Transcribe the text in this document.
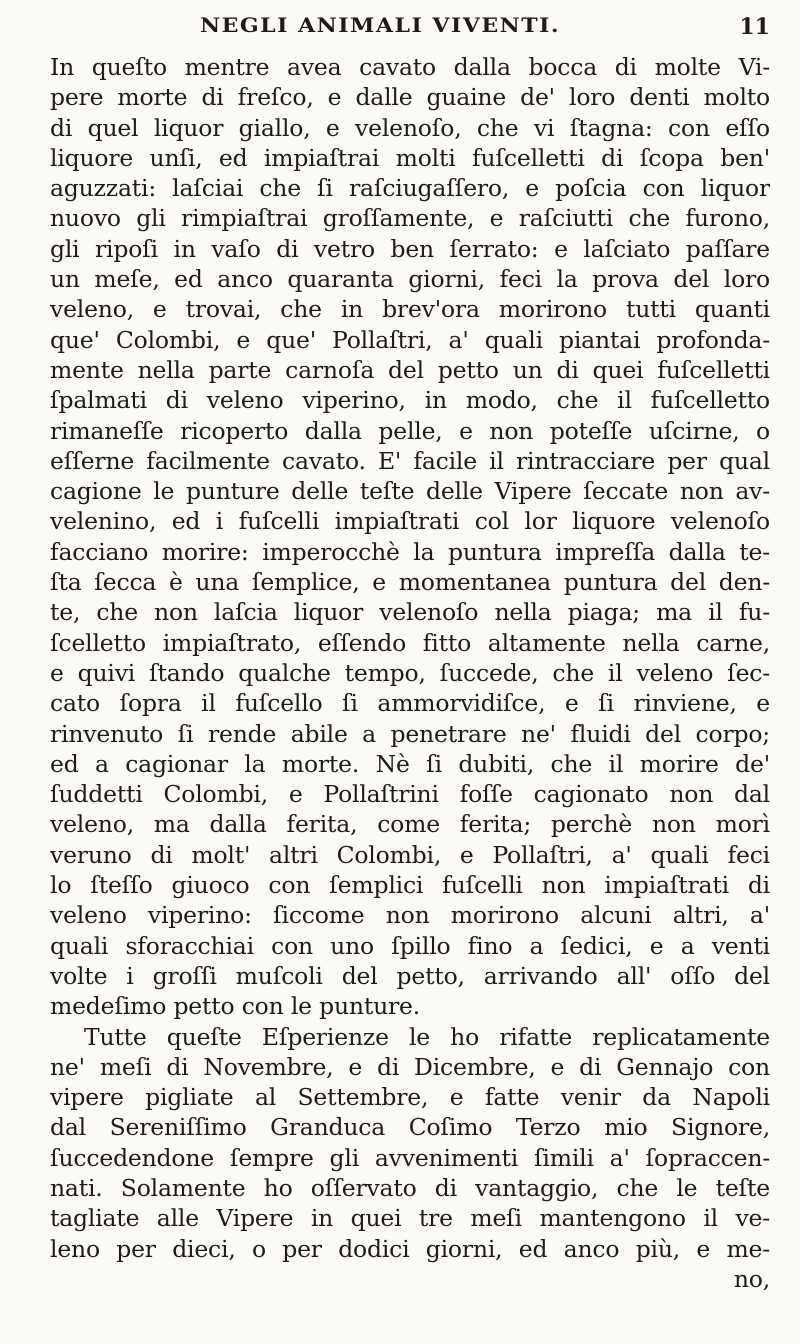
NEGLI ANIMALI VIVENTI.	11
In queſto mentre avea cavato dalla bocca di molte Vi-
pere morte di freſco, e dalle guaine de' loro denti molto
di quel liquor giallo, e velenoſo, che vi ſtagna: con eſſo
liquore unſi, ed impiaſtrai molti fuſcelletti di ſcopa ben'
aguzzati: laſciai che ſi raſciugaſſero, e poſcia con liquor
nuovo gli rimpiaſtrai groſſamente, e raſciutti che furono,
gli ripoſi in vaſo di vetro ben ſerrato: e laſciato paſſare
un meſe, ed anco quaranta giorni, feci la prova del loro
veleno, e trovai, che in brev'ora morirono tutti quanti
que' Colombi, e que' Pollaſtri, a' quali piantai profonda-
mente nella parte carnoſa del petto un di quei fuſcelletti
ſpalmati di veleno viperino, in modo, che il fuſcelletto
rimaneſſe ricoperto dalla pelle, e non poteſſe uſcirne, o
eſſerne facilmente cavato. E' facile il rintracciare per qual
cagione le punture delle teſte delle Vipere ſeccate non av-
velenino, ed i fuſcelli impiaſtrati col lor liquore velenoſo
facciano morire: imperocchè la puntura impreſſa dalla te-
ſta ſecca è una ſemplice, e momentanea puntura del den-
te, che non laſcia liquor velenoſo nella piaga; ma il fu-
ſcelletto impiaſtrato, eſſendo fitto altamente nella carne,
e quivi ſtando qualche tempo, ſuccede, che il veleno ſec-
cato ſopra il fuſcello ſi ammorvidiſce, e ſi rinviene, e
rinvenuto ſi rende abile a penetrare ne' fluidi del corpo;
ed a cagionar la morte. Nè ſi dubiti, che il morire de'
ſuddetti Colombi, e Pollaſtrini foſſe cagionato non dal
veleno, ma dalla ferita, come ferita; perchè non morì
veruno di molt' altri Colombi, e Pollaſtri, a' quali feci
lo ſteſſo giuoco con ſemplici fuſcelli non impiaſtrati di
veleno viperino: ſiccome non morirono alcuni altri, a'
quali sforacchiai con uno ſpillo fino a ſedici, e a venti
volte i groſſi muſcoli del petto, arrivando all' oſſo del
medeſimo petto con le punture.
Tutte queſte Eſperienze le ho rifatte replicatamente
ne' meſi di Novembre, e di Dicembre, e di Gennajo con
vipere pigliate al Settembre, e fatte venir da Napoli
dal Sereniſſimo Granduca Coſimo Terzo mio Signore,
ſuccedendone ſempre gli avvenimenti ſimili a' ſopraccen-
nati. Solamente ho oſſervato di vantaggio, che le teſte
tagliate alle Vipere in quei tre meſi mantengono il ve-
leno per dieci, o per dodici giorni, ed anco più, e me-
no,
